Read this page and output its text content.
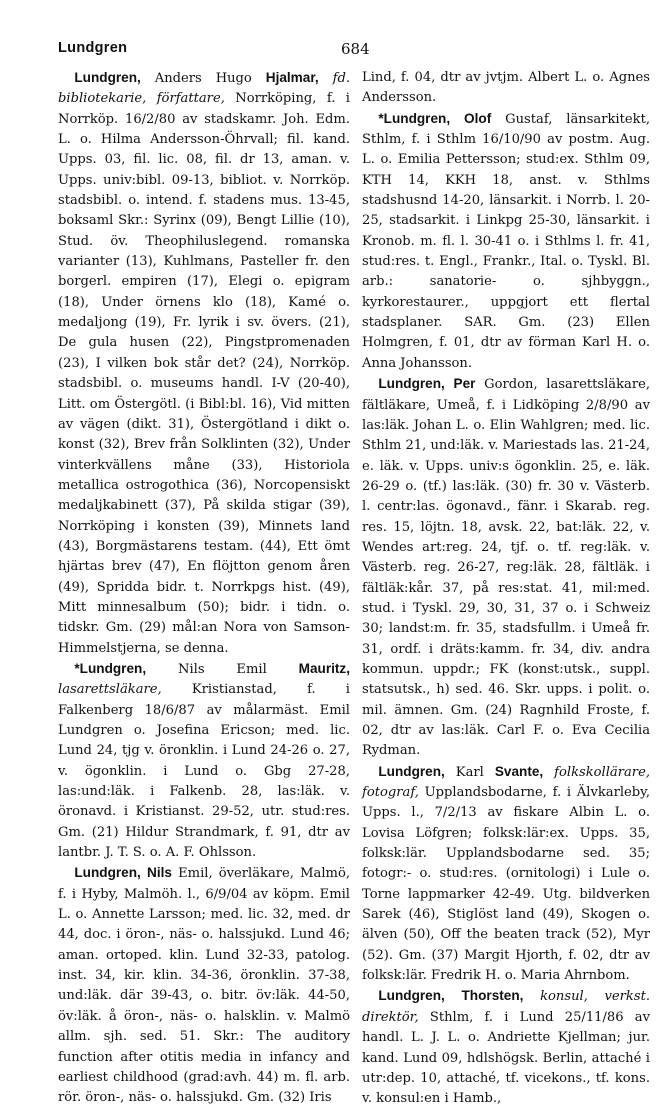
Lundgren	684

Lundgren, Anders Hugo Hjalmar, fd. bibliotekarie, författare, Norrköping, f. i Norrköp. 16/2/80 av stadskamr. Joh. Edm. L. o. Hilma Andersson-Öhrvall; fil. kand. Upps. 03, fil. lic. 08, fil. dr 13, aman. v. Upps. univ:bibl. 09-13, bibliot. v. Norrköp. stadsbibl. o. intend. f. stadens mus. 13-45, boksaml Skr.: Syrinx (09), Bengt Lillie (10), Stud. öv. Theophiluslegend. romanska varianter (13), Kuhlmans, Pasteller fr. den borgerl. empiren (17), Elegi o. epigram (18), Under örnens klo (18), Kamé o. medaljong (19), Fr. lyrik i sv. övers. (21), De gula husen (22), Pingstpromenaden (23), I vilken bok står det? (24), Norrköp. stadsbibl. o. museums handl. I-V (20-40), Litt. om Östergötl. (i Bibl:bl. 16), Vid mitten av vägen (dikt. 31), Östergötland i dikt o. konst (32), Brev från Solklinten (32), Under vinterkvällens måne (33), Historiola metallica ostrogothica (36), Norcopensiskt medaljkabinett (37), På skilda stigar (39), Norrköping i konsten (39), Minnets land (43), Borgmästarens testam. (44), Ett ömt hjärtas brev (47), En flöjtton genom åren (49), Spridda bidr. t. Norrkpgs hist. (49), Mitt minnesalbum (50); bidr. i tidn. o. tidskr. Gm. (29) mål:an Nora von Samson-Himmelstjerna, se denna.

*Lundgren, Nils Emil Mauritz, lasarettsläkare, Kristianstad, f. i Falkenberg 18/6/87 av målarmäst. Emil Lundgren o. Josefina Ericson; med. lic. Lund 24, tjg v. öronklin. i Lund 24-26 o. 27, v. ögonklin. i Lund o. Gbg 27-28, las:und:läk. i Falkenb. 28, las:läk. v. öronavd. i Kristianst. 29-52, utr. stud:res. Gm. (21) Hildur Strandmark, f. 91, dtr av lantbr. J. T. S. o. A. F. Ohlsson.

Lundgren, Nils Emil, överläkare, Malmö, f. i Hyby, Malmöh. l., 6/9/04 av köpm. Emil L. o. Annette Larsson; med. lic. 32, med. dr 44, doc. i öron-, näs- o. halssjukd. Lund 46; aman. ortoped. klin. Lund 32-33, patolog. inst. 34, kir. klin. 34-36, öronklin. 37-38, und:läk. där 39-43, o. bitr. öv:läk. 44-50, öv:läk. å öron-, näs- o. halsklin. v. Malmö allm. sjh. sed. 51. Skr.: The auditory function after otitis media in infancy and earliest childhood (grad:avh. 44) m. fl. arb. rör. öron-, näs- o. halssjukd. Gm. (32) Iris

Lind, f. 04, dtr av jvtjm. Albert L. o. Agnes Andersson.

*Lundgren, Olof Gustaf, länsarkitekt, Sthlm, f. i Sthlm 16/10/90 av postm. Aug. L. o. Emilia Pettersson; stud:ex. Sthlm 09, KTH 14, KKH 18, anst. v. Sthlms stadshusnd 14-20, länsarkit. i Norrb. l. 20-25, stadsarkit. i Linkpg 25-30, länsarkit. i Kronob. m. fl. l. 30-41 o. i Sthlms l. fr. 41, stud:res. t. Engl., Frankr., Ital. o. Tyskl. Bl. arb.: sanatorie- o. sjhbyggn., kyrkorestaurer., uppgjort ett flertal stadsplaner. SAR. Gm. (23) Ellen Holmgren, f. 01, dtr av förman Karl H. o. Anna Johansson.

Lundgren, Per Gordon, lasarettsläkare, fältläkare, Umeå, f. i Lidköping 2/8/90 av las:läk. Johan L. o. Elin Wahlgren; med. lic. Sthlm 21, und:läk. v. Mariestads las. 21-24, e. läk. v. Upps. univ:s ögonklin. 25, e. läk. 26-29 o. (tf.) las:läk. (30) fr. 30 v. Västerb. l. centr:las. ögonavd., fänr. i Skarab. reg. res. 15, löjtn. 18, avsk. 22, bat:läk. 22, v. Wendes art:reg. 24, tjf. o. tf. reg:läk. v. Västerb. reg. 26-27, reg:läk. 28, fältläk. i fältläk:kår. 37, på res:stat. 41, mil:med. stud. i Tyskl. 29, 30, 31, 37 o. i Schweiz 30; landst:m. fr. 35, stadsfullm. i Umeå fr. 31, ordf. i dräts:kamm. fr. 34, div. andra kommun. uppdr.; FK (konst:utsk., suppl. statsutsk., h) sed. 46. Skr. upps. i polit. o. mil. ämnen. Gm. (24) Ragnhild Froste, f. 02, dtr av las:läk. Carl F. o. Eva Cecilia Rydman.

Lundgren, Karl Svante, folkskollärare, fotograf, Upplandsbodarne, f. i Älvkarleby, Upps. l., 7/2/13 av fiskare Albin L. o. Lovisa Löfgren; folksk:lär:ex. Upps. 35, folksk:lär. Upplandsbodarne sed. 35; fotogr:- o. stud:res. (ornitologi) i Lule o. Torne lappmarker 42-49. Utg. bildverken Sarek (46), Stiglöst land (49), Skogen o. älven (50), Off the beaten track (52), Myr (52). Gm. (37) Margit Hjorth, f. 02, dtr av folksk:lär. Fredrik H. o. Maria Ahrnbom.

Lundgren, Thorsten, konsul, verkst. direktör, Sthlm, f. i Lund 25/11/86 av handl. L. J. L. o. Andriette Kjellman; jur. kand. Lund 09, hdlshögsk. Berlin, attaché i utr:dep. 10, attaché, tf. vicekons., tf. kons. v. konsul:en i Hamb.,
